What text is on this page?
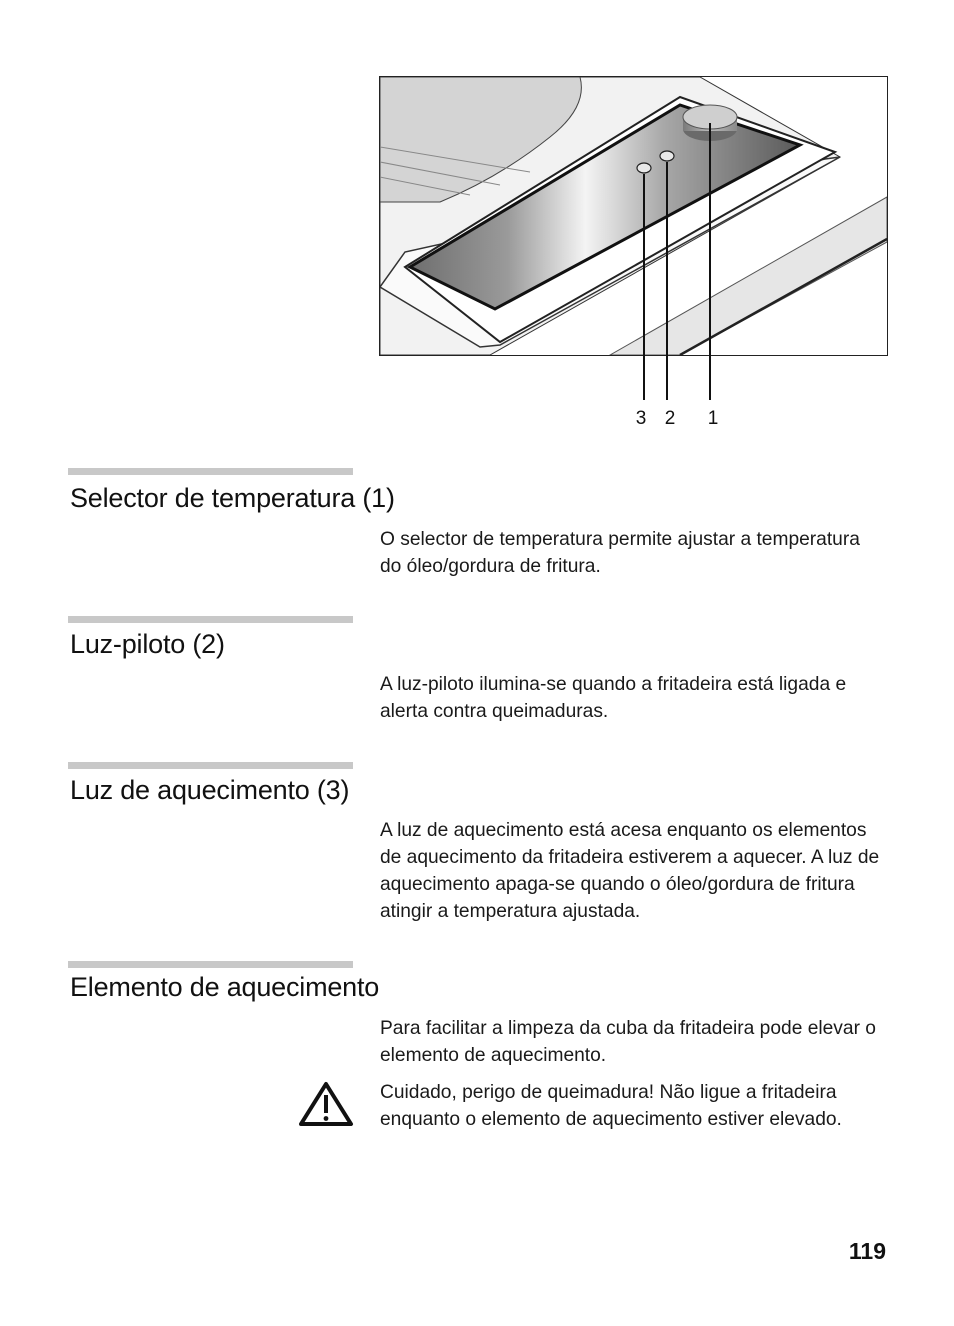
3 2 1
Selector de temperatura (1)

O selector de temperatura permite ajustar a temperatura do óleo/gordura de fritura.

Luz-piloto (2)

A luz-piloto ilumina-se quando a fritadeira está ligada e alerta contra queimaduras.

Luz de aquecimento (3)

A luz de aquecimento está acesa enquanto os elementos de aquecimento da fritadeira estiverem a aquecer. A luz de aquecimento apaga-se quando o óleo/gordura de fritura atingir a temperatura ajustada.

Elemento de aquecimento

Para facilitar a limpeza da cuba da fritadeira pode elevar o elemento de aquecimento.

Cuidado, perigo de queimadura! Não ligue a fritadeira enquanto o elemento de aquecimento estiver elevado.

119
